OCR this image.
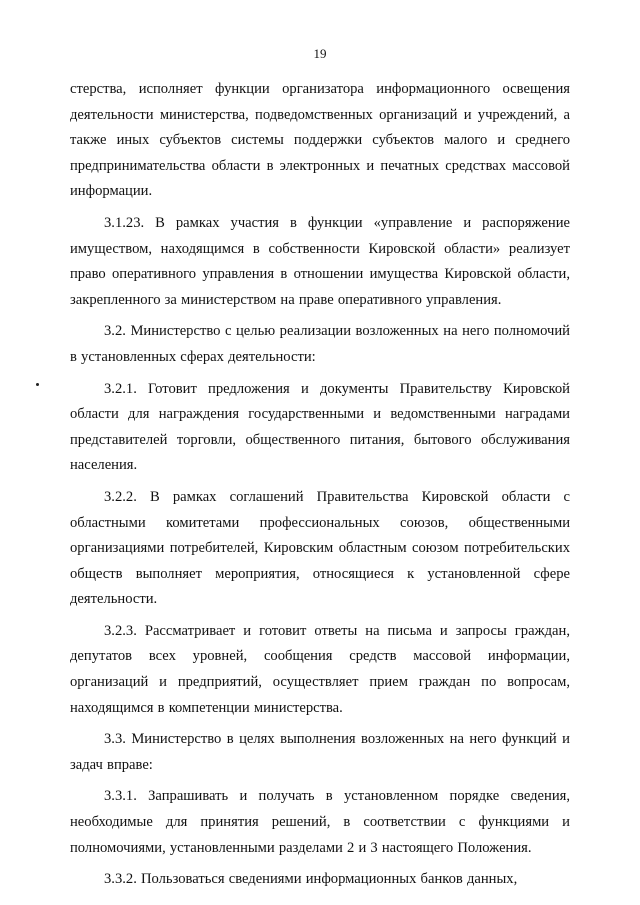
19

стерства, исполняет функции организатора информационного освещения деятельности министерства, подведомственных организаций и учреждений, а также иных субъектов системы поддержки субъектов малого и среднего предпринимательства области в электронных и печатных средствах массовой информации.

3.1.23. В рамках участия в функции «управление и распоряжение имуществом, находящимся в собственности Кировской области» реализует право оперативного управления в отношении имущества Кировской области, закрепленного за министерством на праве оперативного управления.

3.2. Министерство с целью реализации возложенных на него полномочий в установленных сферах деятельности:

3.2.1. Готовит предложения и документы Правительству Кировской области для награждения государственными и ведомственными наградами представителей торговли, общественного питания, бытового обслуживания населения.

3.2.2. В рамках соглашений Правительства Кировской области с областными комитетами профессиональных союзов, общественными организациями потребителей, Кировским областным союзом потребительских обществ выполняет мероприятия, относящиеся к установленной сфере деятельности.

3.2.3. Рассматривает и готовит ответы на письма и запросы граждан, депутатов всех уровней, сообщения средств массовой информации, организаций и предприятий, осуществляет прием граждан по вопросам, находящимся в компетенции министерства.

3.3. Министерство в целях выполнения возложенных на него функций и задач вправе:

3.3.1. Запрашивать и получать в установленном порядке сведения, необходимые для принятия решений, в соответствии с функциями и полномочиями, установленными разделами 2 и 3 настоящего Положения.

3.3.2. Пользоваться сведениями информационных банков данных,
